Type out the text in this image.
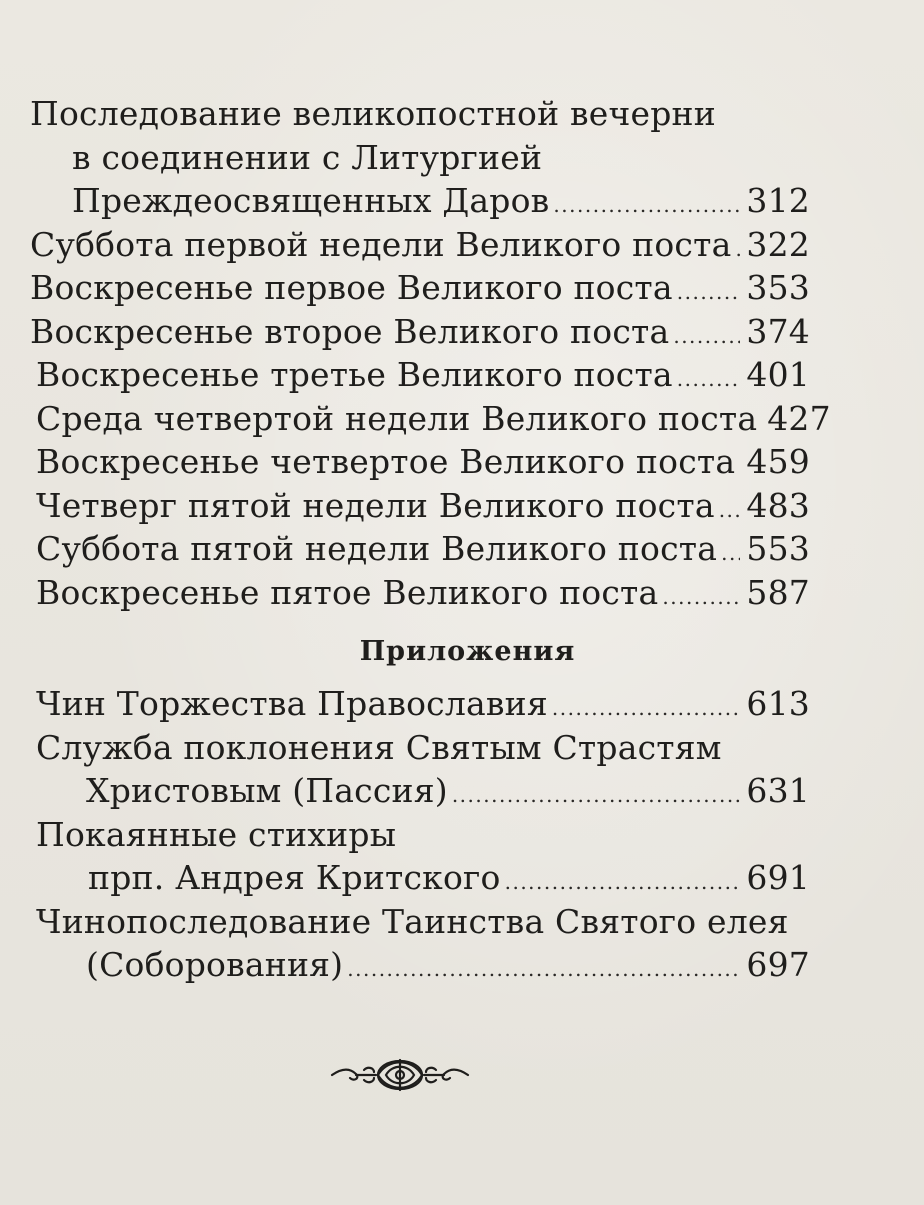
Последование великопостной вечерни
в соединении с Литургией
Преждеосвященных Даров .....	312
Суббота первой недели Великого поста ..... 322
Воскресенье первое Великого поста ..... 353
Воскресенье второе Великого поста ..... 374
Воскресенье третье Великого поста ..... 401
Среда четвертой недели Великого поста 427
Воскресенье четвертое Великого поста ..... 459
Четверг пятой недели Великого поста ..... 483
Суббота пятой недели Великого поста ..... 553
Воскресенье пятое Великого поста .....	587
Приложения
Чин Торжества Православия .....	613
Служба поклонения Святым Страстям
Христовым (Пассия) .....	631
Покаянные стихиры
прп. Андрея Критского .....	691
Чинопоследование Таинства Святого елея
(Соборования) .....	697
